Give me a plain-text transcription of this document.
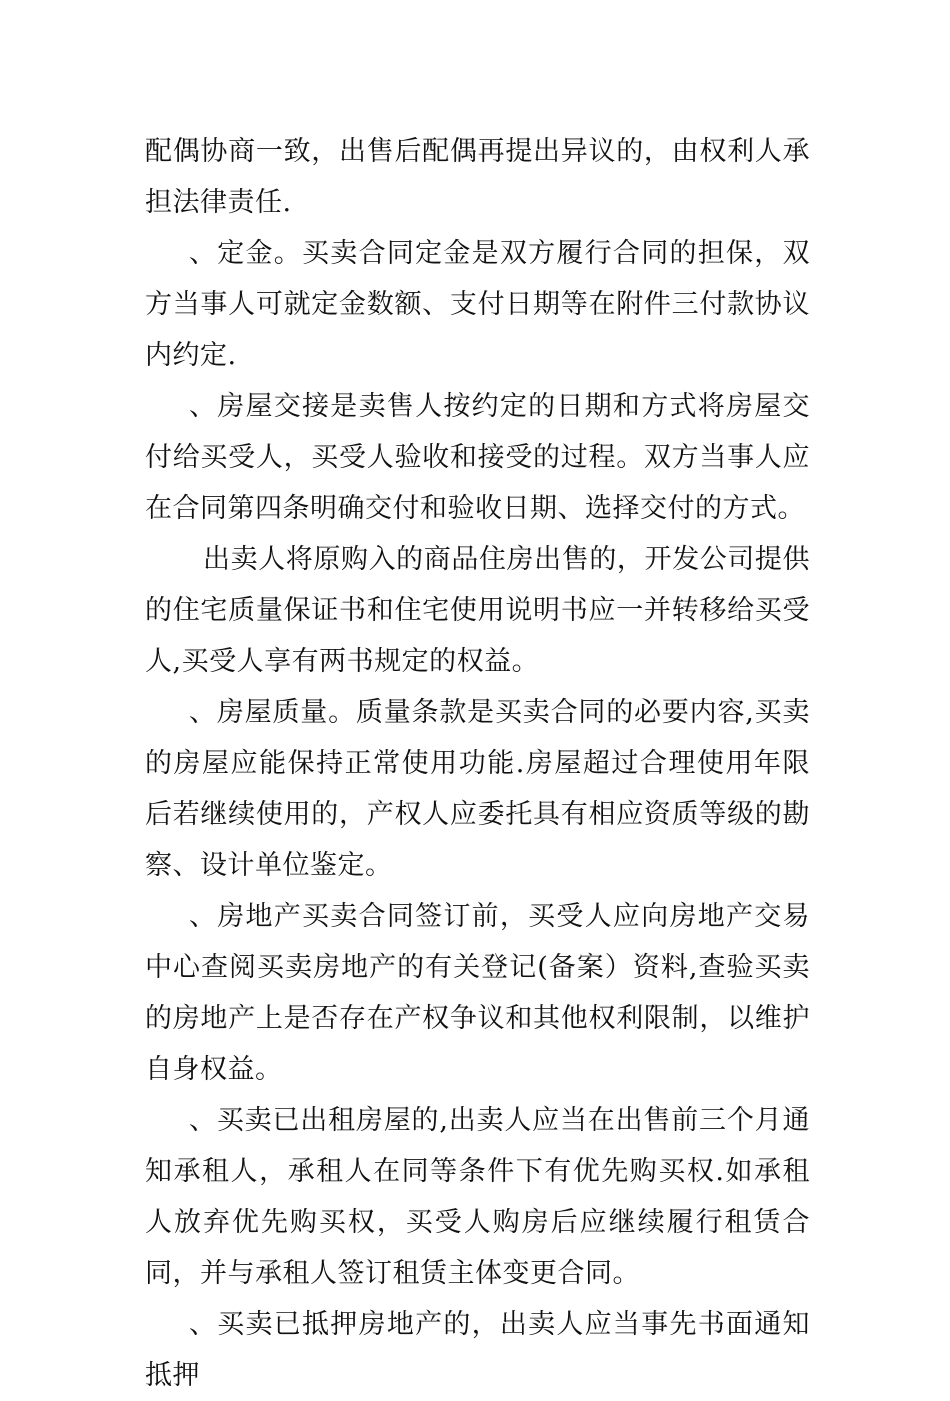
配偶协商一致，出售后配偶再提出异议的，由权利人承担法律责任.

、定金。买卖合同定金是双方履行合同的担保，双方当事人可就定金数额、支付日期等在附件三付款协议内约定.

、房屋交接是卖售人按约定的日期和方式将房屋交付给买受人，买受人验收和接受的过程。双方当事人应在合同第四条明确交付和验收日期、选择交付的方式。

出卖人将原购入的商品住房出售的，开发公司提供的住宅质量保证书和住宅使用说明书应一并转移给买受人,买受人享有两书规定的权益。

、房屋质量。质量条款是买卖合同的必要内容,买卖的房屋应能保持正常使用功能.房屋超过合理使用年限后若继续使用的，产权人应委托具有相应资质等级的勘察、设计单位鉴定。

、房地产买卖合同签订前，买受人应向房地产交易中心查阅买卖房地产的有关登记(备案）资料,查验买卖的房地产上是否存在产权争议和其他权利限制，以维护自身权益。

、买卖已出租房屋的,出卖人应当在出售前三个月通知承租人，承租人在同等条件下有优先购买权.如承租人放弃优先购买权，买受人购房后应继续履行租赁合同，并与承租人签订租赁主体变更合同。

、买卖已抵押房地产的，出卖人应当事先书面通知抵押
